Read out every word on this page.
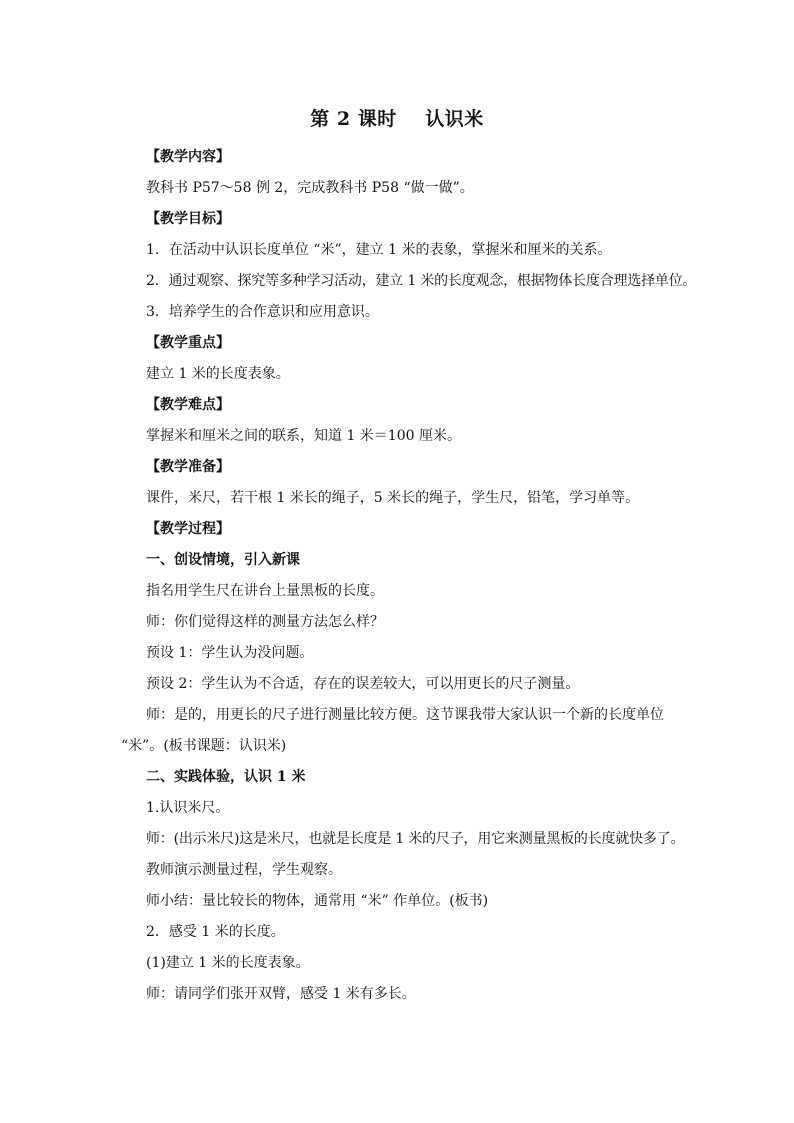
第 2 课时    认识米
【教学内容】
教科书 P57～58 例 2，完成教科书 P58 “做一做”。
【教学目标】
1．在活动中认识长度单位 “米”，建立 1 米的表象，掌握米和厘米的关系。
2．通过观察、探究等多种学习活动，建立 1 米的长度观念，根据物体长度合理选择单位。
3．培养学生的合作意识和应用意识。
【教学重点】
建立 1 米的长度表象。
【教学难点】
掌握米和厘米之间的联系，知道 1 米＝100 厘米。
【教学准备】
课件，米尺，若干根 1 米长的绳子，5 米长的绳子，学生尺，铅笔，学习单等。
【教学过程】
一、创设情境，引入新课
指名用学生尺在讲台上量黑板的长度。
师：你们觉得这样的测量方法怎么样？
预设 1：学生认为没问题。
预设 2：学生认为不合适，存在的误差较大，可以用更长的尺子测量。
师：是的，用更长的尺子进行测量比较方便。这节课我带大家认识一个新的长度单位
“米”。(板书课题：认识米)
二、实践体验，认识 1 米
1.认识米尺。
师：(出示米尺)这是米尺，也就是长度是 1 米的尺子，用它来测量黑板的长度就快多了。
教师演示测量过程，学生观察。
师小结：量比较长的物体，通常用 “米” 作单位。(板书)
2．感受 1 米的长度。
(1)建立 1 米的长度表象。
师：请同学们张开双臂，感受 1 米有多长。
